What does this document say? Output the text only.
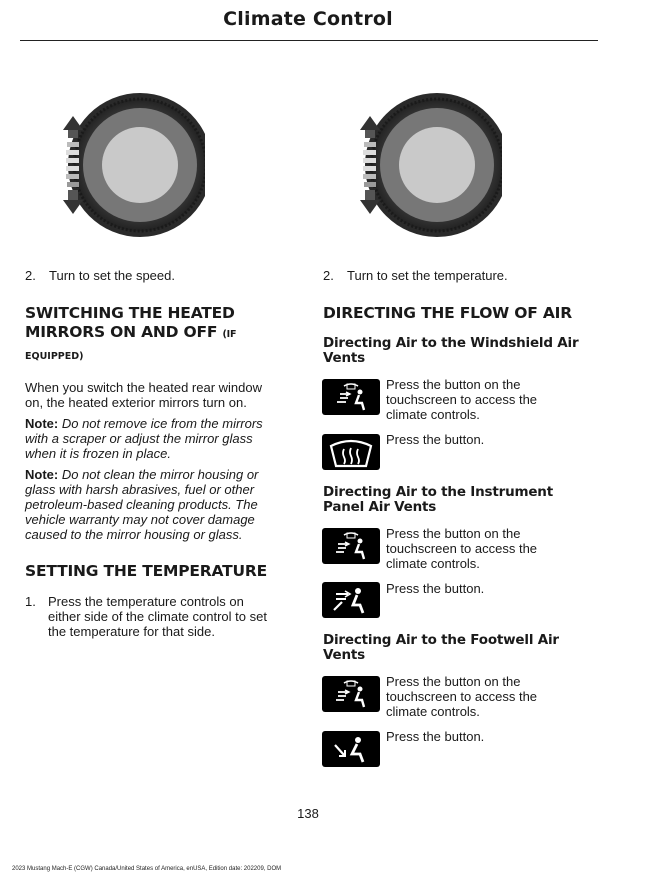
Climate Control
2. Turn to set the speed.	2. Turn to set the temperature.
SWITCHING THE HEATED
MIRRORS ON AND OFF (IF
EQUIPPED)
When you switch the heated rear window
on, the heated exterior mirrors turn on.
Note: Do not remove ice from the mirrors
with a scraper or adjust the mirror glass
when it is frozen in place.
Note: Do not clean the mirror housing or
glass with harsh abrasives, fuel or other
petroleum-based cleaning products. The
vehicle warranty may not cover damage
caused to the mirror housing or glass.
SETTING THE TEMPERATURE
1. Press the temperature controls on
either side of the climate control to set
the temperature for that side.
DIRECTING THE FLOW OF AIR
Directing Air to the Windshield Air
Vents
Press the button on the
touchscreen to access the
climate controls.
Press the button.
Directing Air to the Instrument
Panel Air Vents
Press the button on the
touchscreen to access the
climate controls.
Press the button.
Directing Air to the Footwell Air
Vents
Press the button on the
touchscreen to access the
climate controls.
Press the button.
138
2023 Mustang Mach-E (CGW) Canada/United States of America, enUSA, Edition date: 202209, DOM
